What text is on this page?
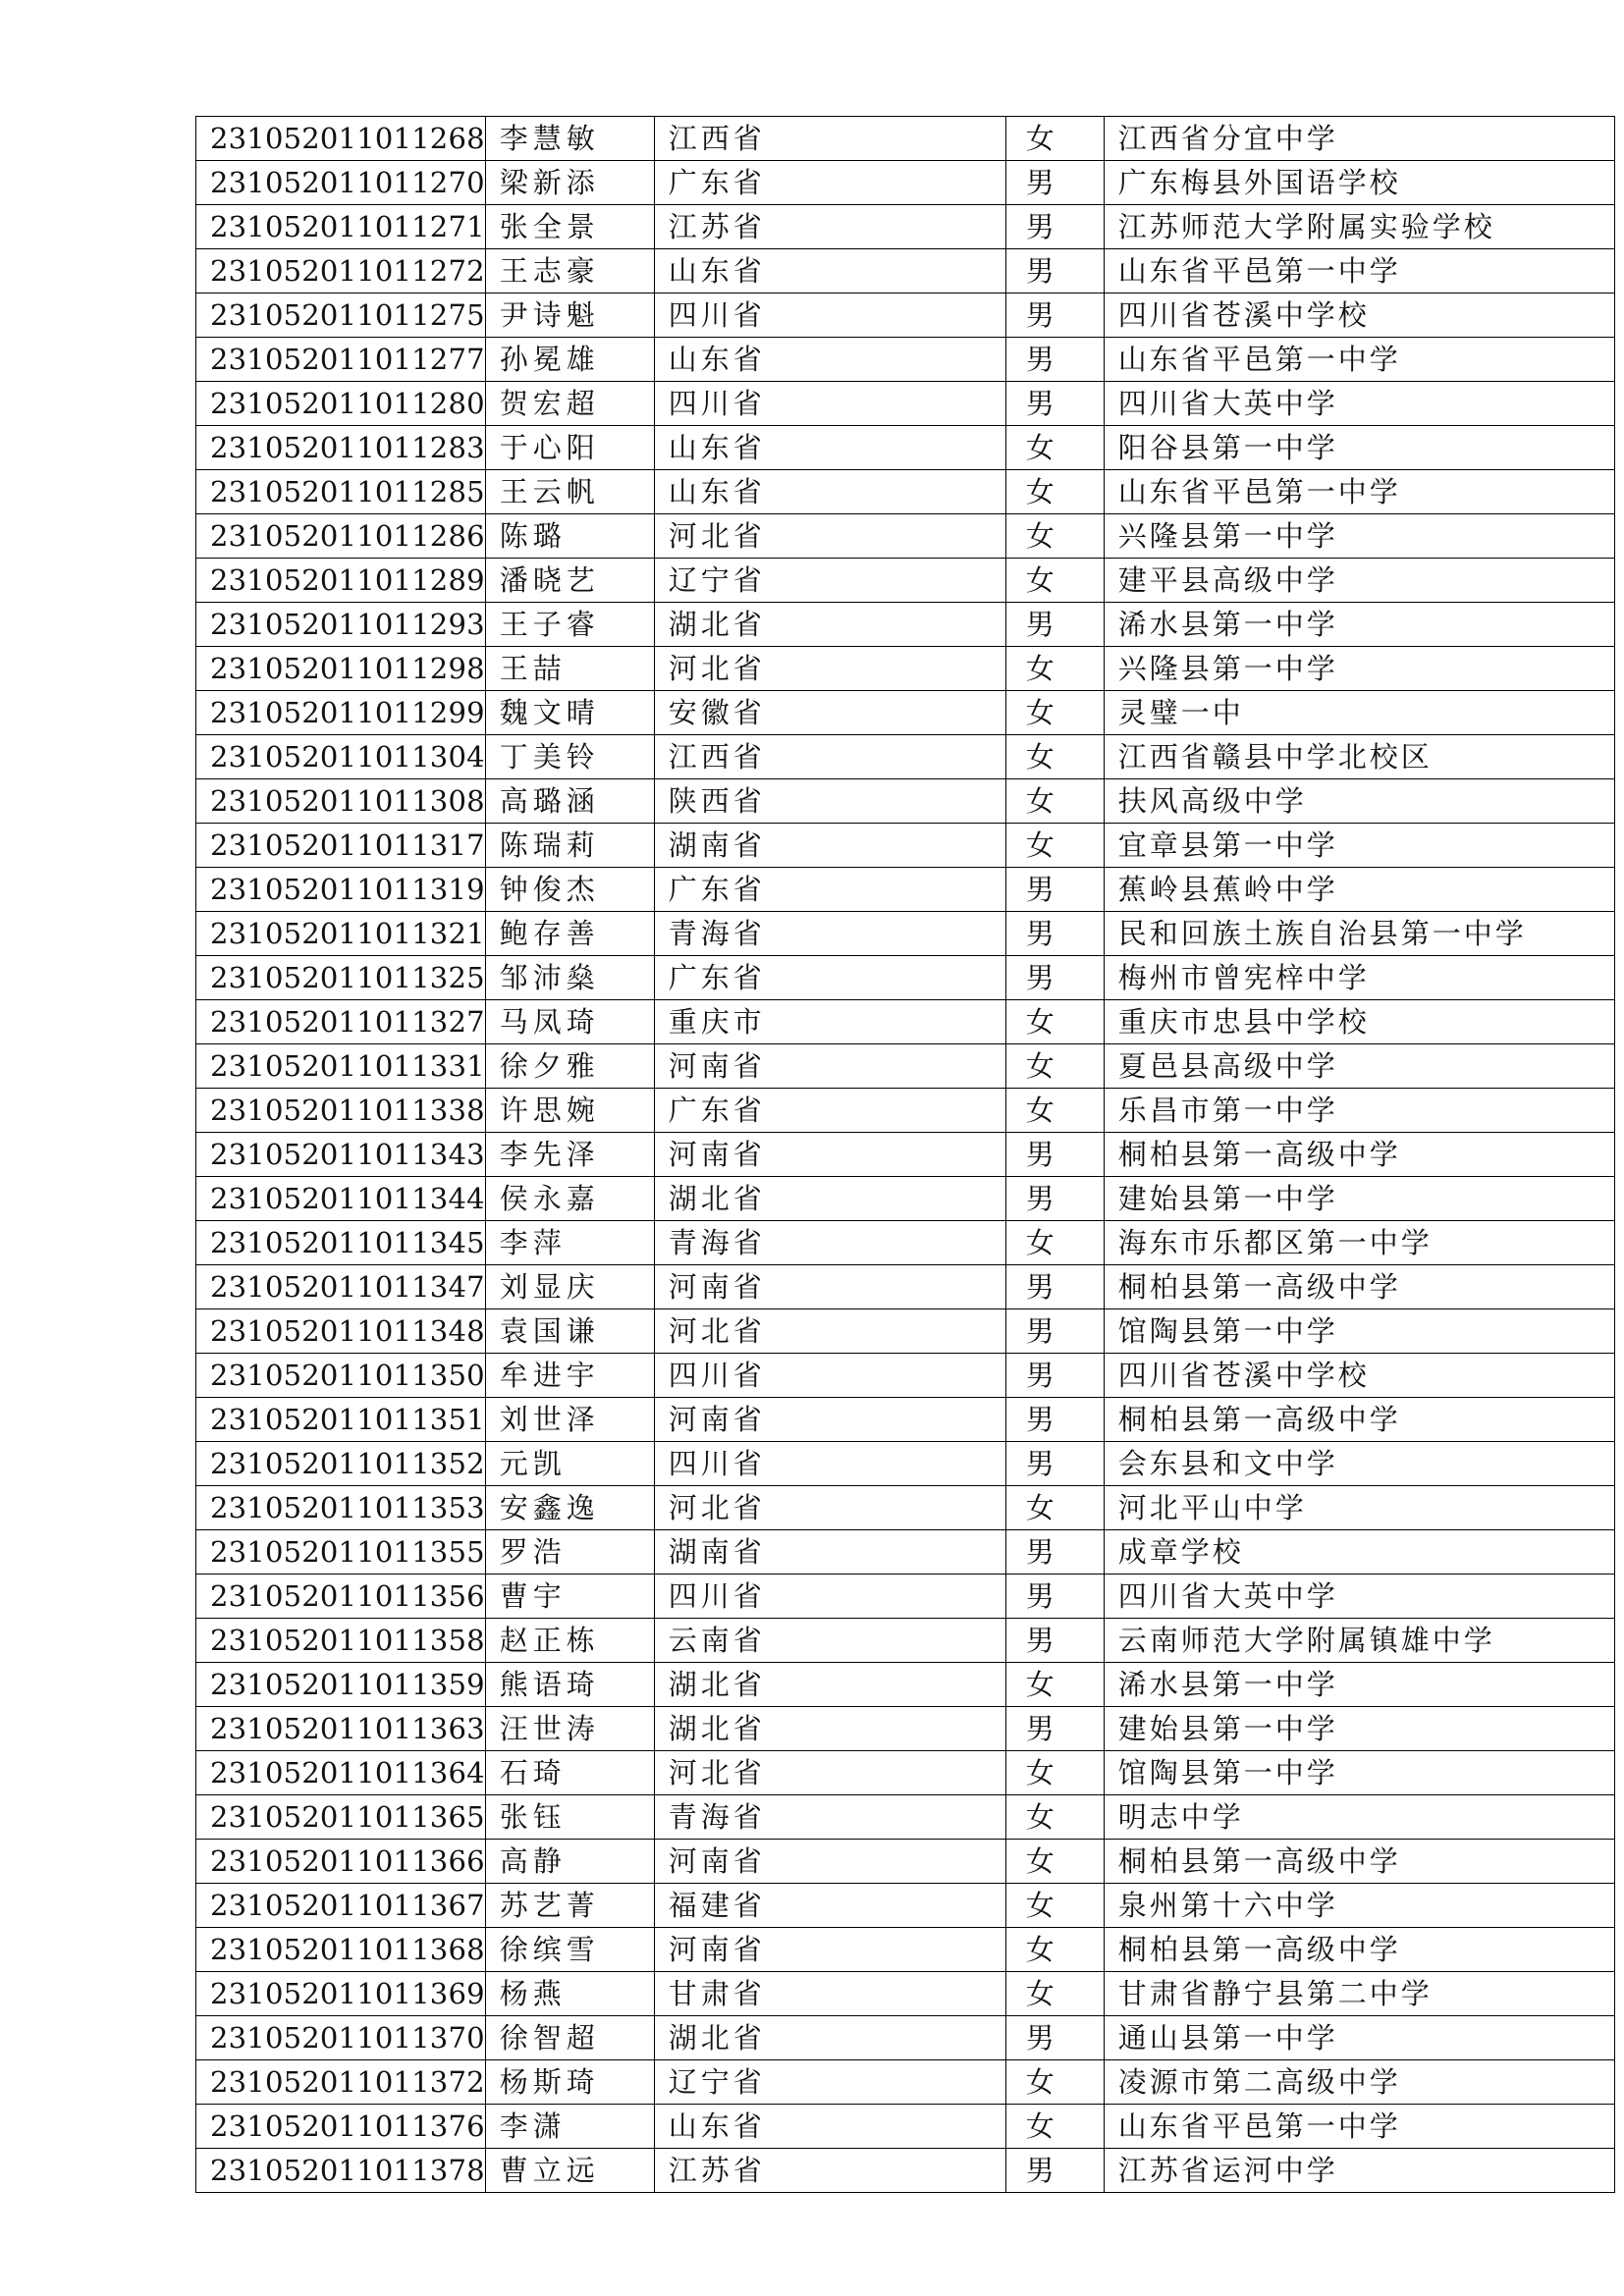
231052011011268	李慧敏	江西省	女	江西省分宜中学
231052011011270	梁新添	广东省	男	广东梅县外国语学校
231052011011271	张全景	江苏省	男	江苏师范大学附属实验学校
231052011011272	王志豪	山东省	男	山东省平邑第一中学
231052011011275	尹诗魁	四川省	男	四川省苍溪中学校
231052011011277	孙冕雄	山东省	男	山东省平邑第一中学
231052011011280	贺宏超	四川省	男	四川省大英中学
231052011011283	于心阳	山东省	女	阳谷县第一中学
231052011011285	王云帆	山东省	女	山东省平邑第一中学
231052011011286	陈璐	河北省	女	兴隆县第一中学
231052011011289	潘晓艺	辽宁省	女	建平县高级中学
231052011011293	王子睿	湖北省	男	浠水县第一中学
231052011011298	王喆	河北省	女	兴隆县第一中学
231052011011299	魏文晴	安徽省	女	灵璧一中
231052011011304	丁美铃	江西省	女	江西省赣县中学北校区
231052011011308	高璐涵	陕西省	女	扶风高级中学
231052011011317	陈瑞莉	湖南省	女	宜章县第一中学
231052011011319	钟俊杰	广东省	男	蕉岭县蕉岭中学
231052011011321	鲍存善	青海省	男	民和回族土族自治县第一中学
231052011011325	邹沛燊	广东省	男	梅州市曾宪梓中学
231052011011327	马凤琦	重庆市	女	重庆市忠县中学校
231052011011331	徐夕雅	河南省	女	夏邑县高级中学
231052011011338	许思婉	广东省	女	乐昌市第一中学
231052011011343	李先泽	河南省	男	桐柏县第一高级中学
231052011011344	侯永嘉	湖北省	男	建始县第一中学
231052011011345	李萍	青海省	女	海东市乐都区第一中学
231052011011347	刘显庆	河南省	男	桐柏县第一高级中学
231052011011348	袁国谦	河北省	男	馆陶县第一中学
231052011011350	牟进宇	四川省	男	四川省苍溪中学校
231052011011351	刘世泽	河南省	男	桐柏县第一高级中学
231052011011352	元凯	四川省	男	会东县和文中学
231052011011353	安鑫逸	河北省	女	河北平山中学
231052011011355	罗浩	湖南省	男	成章学校
231052011011356	曹宇	四川省	男	四川省大英中学
231052011011358	赵正栋	云南省	男	云南师范大学附属镇雄中学
231052011011359	熊语琦	湖北省	女	浠水县第一中学
231052011011363	汪世涛	湖北省	男	建始县第一中学
231052011011364	石琦	河北省	女	馆陶县第一中学
231052011011365	张钰	青海省	女	明志中学
231052011011366	高静	河南省	女	桐柏县第一高级中学
231052011011367	苏艺菁	福建省	女	泉州第十六中学
231052011011368	徐缤雪	河南省	女	桐柏县第一高级中学
231052011011369	杨燕	甘肃省	女	甘肃省静宁县第二中学
231052011011370	徐智超	湖北省	男	通山县第一中学
231052011011372	杨斯琦	辽宁省	女	凌源市第二高级中学
231052011011376	李潇	山东省	女	山东省平邑第一中学
231052011011378	曹立远	江苏省	男	江苏省运河中学
